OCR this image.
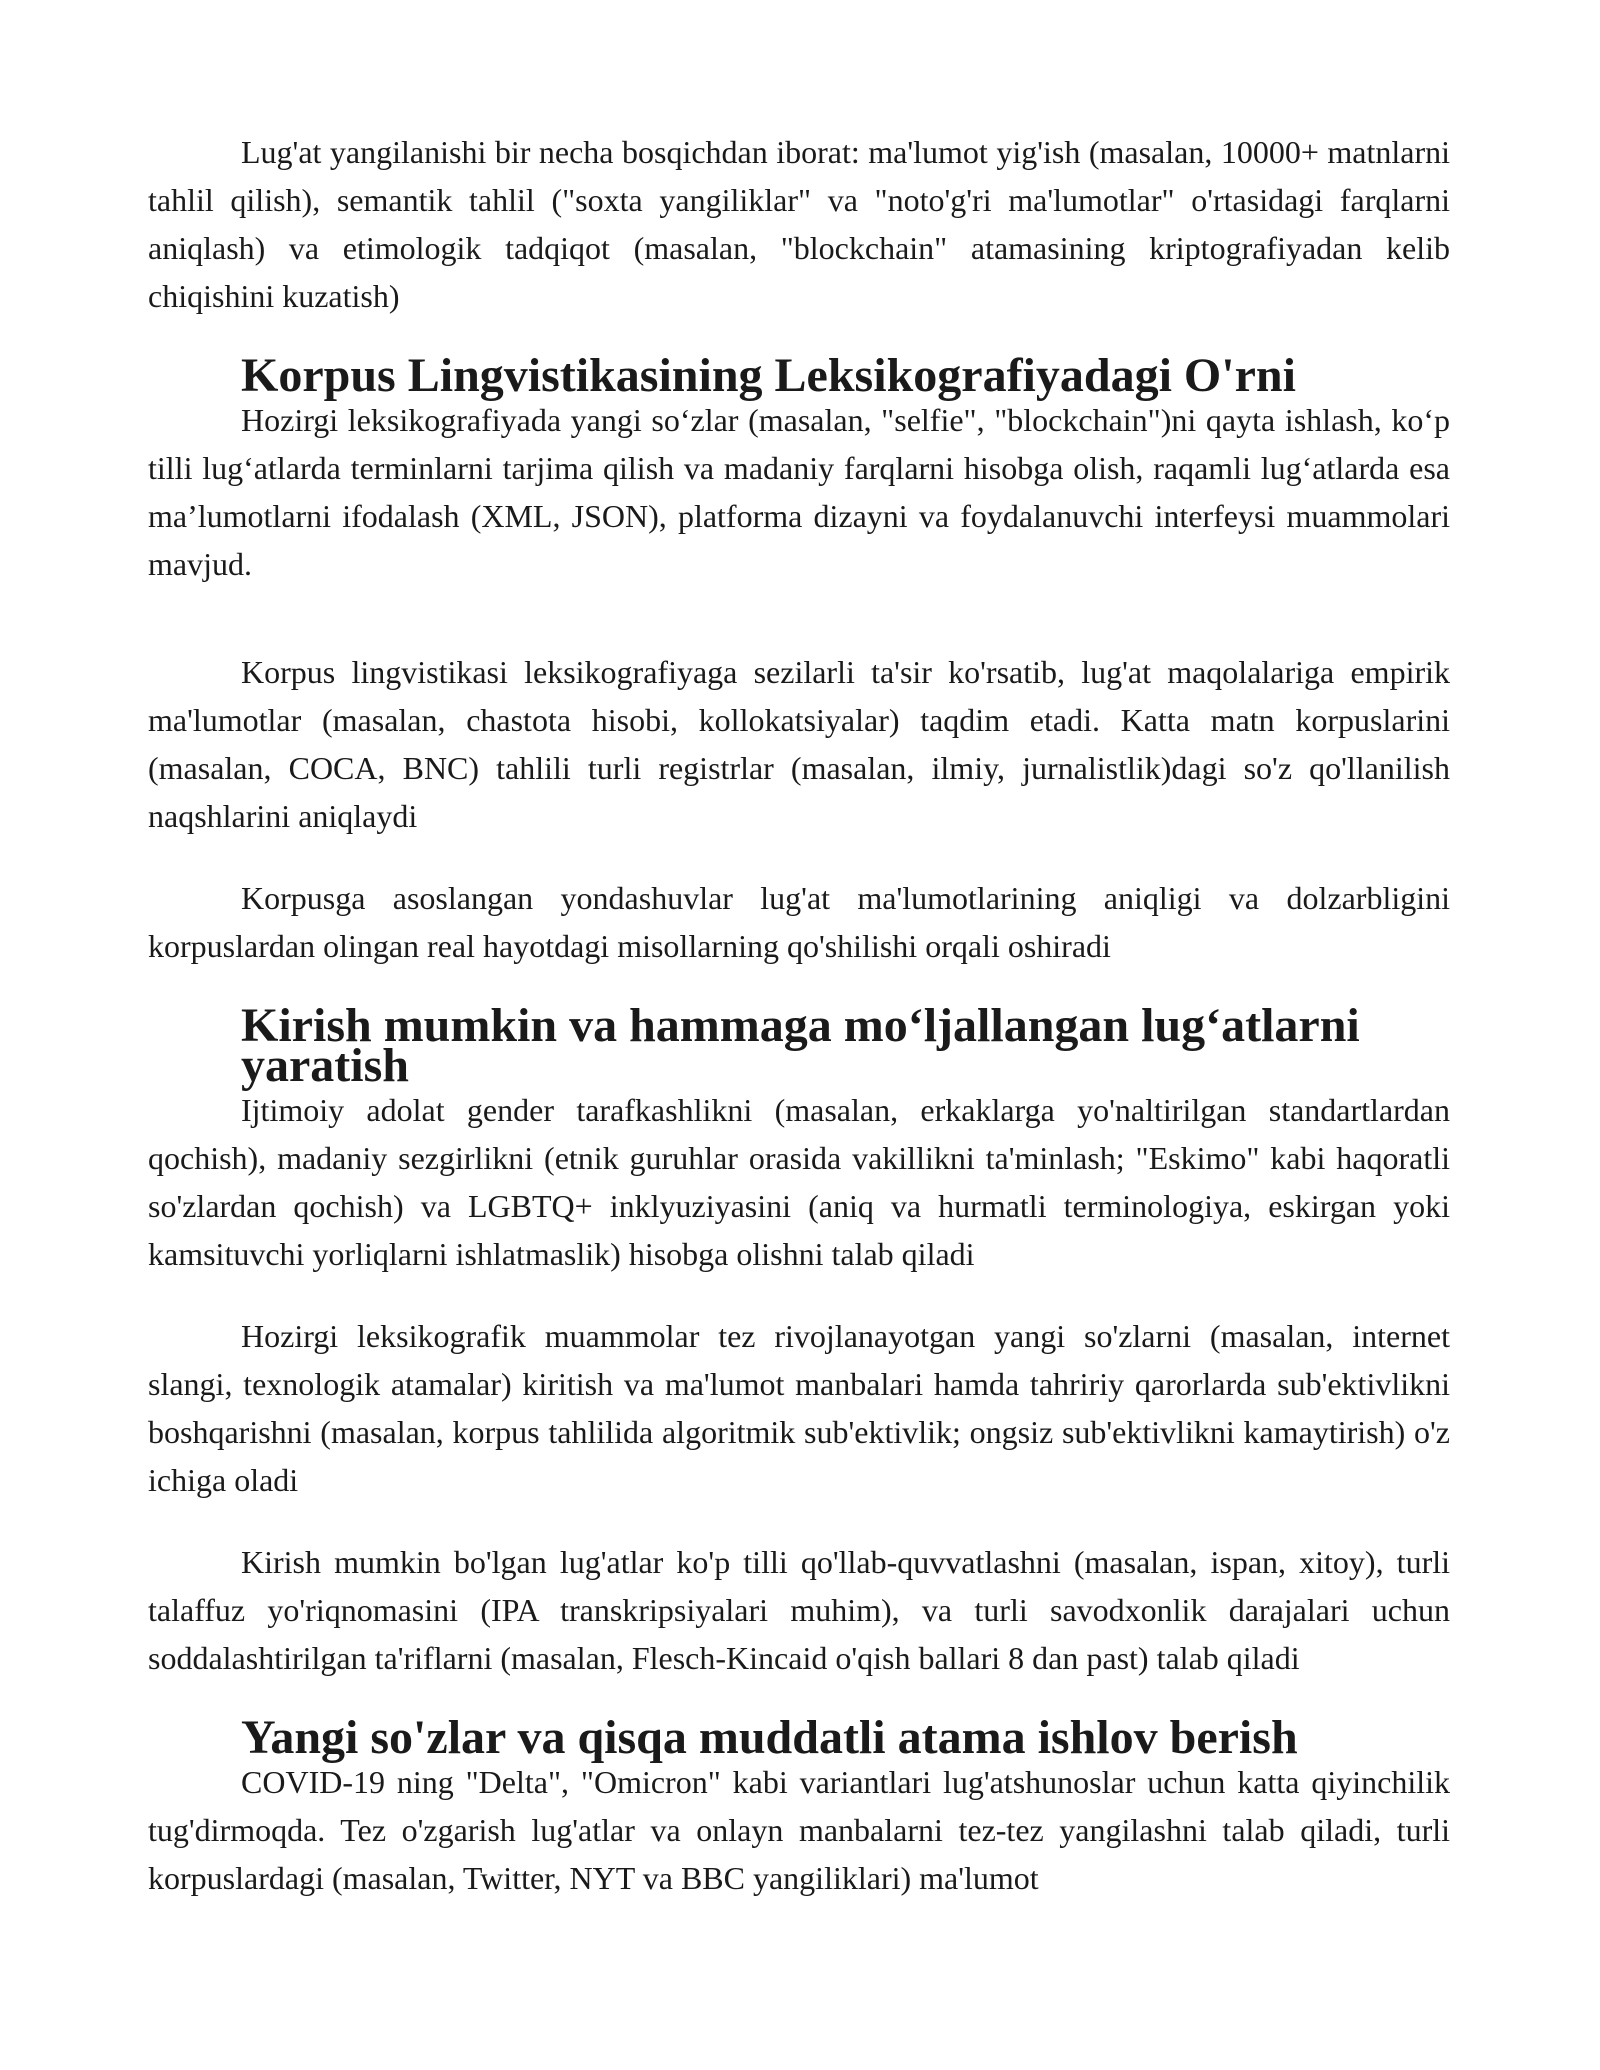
Lug'at yangilanishi bir necha bosqichdan iborat: ma'lumot yig'ish (masalan, 10000+ matnlarni tahlil qilish), semantik tahlil ("soxta yangiliklar" va "noto'g'ri ma'lumotlar" o'rtasidagi farqlarni aniqlash) va etimologik tadqiqot (masalan, "blockchain" atamasining kriptografiyadan kelib chiqishini kuzatish)

Korpus Lingvistikasining Leksikografiyadagi O'rni

Hozirgi leksikografiyada yangi so‘zlar (masalan, "selfie", "blockchain")ni qayta ishlash, ko‘p tilli lug‘atlarda terminlarni tarjima qilish va madaniy farqlarni hisobga olish, raqamli lug‘atlarda esa ma’lumotlarni ifodalash (XML, JSON), platforma dizayni va foydalanuvchi interfeysi muammolari mavjud.

Korpus lingvistikasi leksikografiyaga sezilarli ta'sir ko'rsatib, lug'at maqolalariga empirik ma'lumotlar (masalan, chastota hisobi, kollokatsiyalar) taqdim etadi. Katta matn korpuslarini (masalan, COCA, BNC) tahlili turli registrlar (masalan, ilmiy, jurnalistlik)dagi so'z qo'llanilish naqshlarini aniqlaydi

Korpusga asoslangan yondashuvlar lug'at ma'lumotlarining aniqligi va dolzarbligini korpuslardan olingan real hayotdagi misollarning qo'shilishi orqali oshiradi

Kirish mumkin va hammaga mo‘ljallangan lug‘atlarni yaratish

Ijtimoiy adolat gender tarafkashlikni (masalan, erkaklarga yo'naltirilgan standartlardan qochish), madaniy sezgirlikni (etnik guruhlar orasida vakillikni ta'minlash; "Eskimo" kabi haqoratli so'zlardan qochish) va LGBTQ+ inklyuziyasini (aniq va hurmatli terminologiya, eskirgan yoki kamsituvchi yorliqlarni ishlatmaslik) hisobga olishni talab qiladi

Hozirgi leksikografik muammolar tez rivojlanayotgan yangi so'zlarni (masalan, internet slangi, texnologik atamalar) kiritish va ma'lumot manbalari hamda tahririy qarorlarda sub'ektivlikni boshqarishni (masalan, korpus tahlilida algoritmik sub'ektivlik; ongsiz sub'ektivlikni kamaytirish) o'z ichiga oladi

Kirish mumkin bo'lgan lug'atlar ko'p tilli qo'llab-quvvatlashni (masalan, ispan, xitoy), turli talaffuz yo'riqnomasini (IPA transkripsiyalari muhim), va turli savodxonlik darajalari uchun soddalashtirilgan ta'riflarni (masalan, Flesch-Kincaid o'qish ballari 8 dan past) talab qiladi

Yangi so'zlar va qisqa muddatli atama ishlov berish

COVID-19 ning "Delta", "Omicron" kabi variantlari lug'atshunoslar uchun katta qiyinchilik tug'dirmoqda. Tez o'zgarish lug'atlar va onlayn manbalarni tez-tez yangilashni talab qiladi, turli korpuslardagi (masalan, Twitter, NYT va BBC yangiliklari) ma'lumot
